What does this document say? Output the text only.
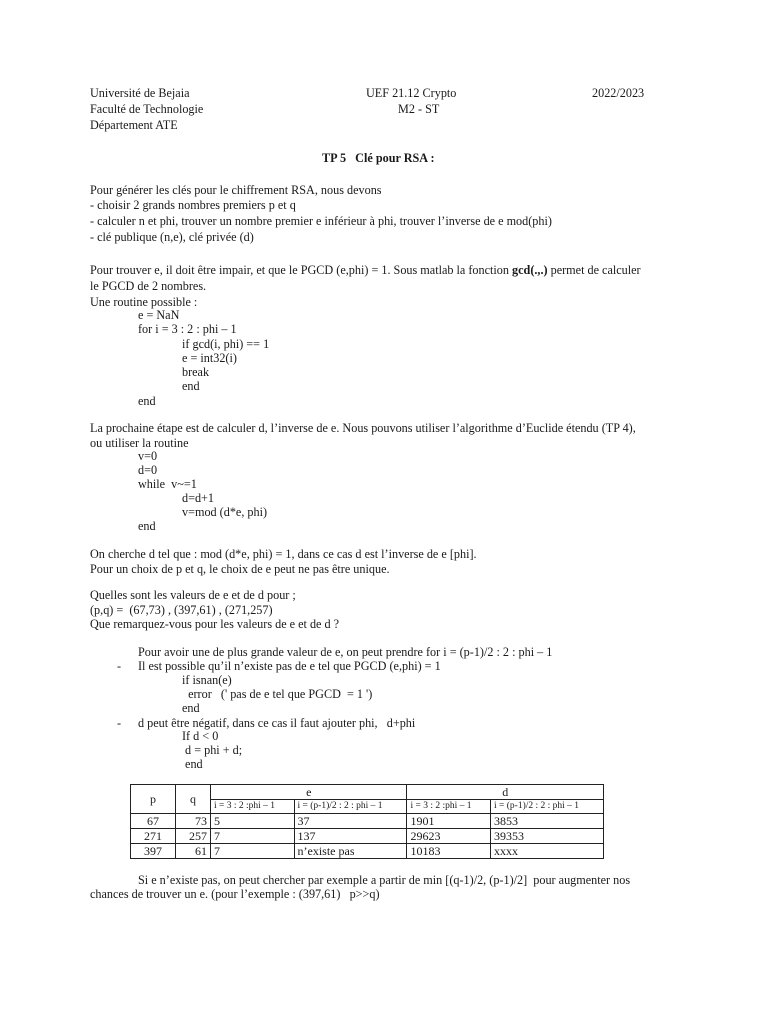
Université de Bejaia
Faculté de Technologie
Département ATE
UEF 21.12 Crypto
M2 - ST
2022/2023
TP 5   Clé pour RSA :
Pour générer les clés pour le chiffrement RSA, nous devons
- choisir 2 grands nombres premiers p et q
- calculer n et phi, trouver un nombre premier e inférieur à phi, trouver l’inverse de e mod(phi)
- clé publique (n,e), clé privée (d)
Pour trouver e, il doit être impair, et que le PGCD (e,phi) = 1. Sous matlab la fonction gcd(.,.) permet de calculer
le PGCD de 2 nombres.
Une routine possible :
e = NaN
for i = 3 : 2 : phi – 1
if gcd(i, phi) == 1
e = int32(i)
break
end
end
La prochaine étape est de calculer d, l’inverse de e. Nous pouvons utiliser l’algorithme d’Euclide étendu (TP 4),
ou utiliser la routine
v=0
d=0
while  v~=1
d=d+1
v=mod (d*e, phi)
end
On cherche d tel que : mod (d*e, phi) = 1, dans ce cas d est l’inverse de e [phi].
Pour un choix de p et q, le choix de e peut ne pas être unique.
Quelles sont les valeurs de e et de d pour ;
(p,q) =  (67,73) , (397,61) , (271,257)
Que remarquez-vous pour les valeurs de e et de d ?
Pour avoir une de plus grande valeur de e, on peut prendre for i = (p-1)/2 : 2 : phi – 1
- Il est possible qu’il n’existe pas de e tel que PGCD (e,phi) = 1
if isnan(e)
error   (' pas de e tel que PGCD  = 1 ')
end
- d peut être négatif, dans ce cas il faut ajouter phi,   d+phi
If d < 0
d = phi + d;
end
p	q	e		d	
		i = 3 : 2 :phi – 1	i = (p-1)/2 : 2 : phi – 1	i = 3 : 2 :phi – 1	i = (p-1)/2 : 2 : phi – 1
67	73	5	37	1901	3853
271	257	7	137	29623	39353
397	61	7	n’existe pas	10183	xxxx
Si e n’existe pas, on peut chercher par exemple a partir de min [(q-1)/2, (p-1)/2]  pour augmenter nos
chances de trouver un e. (pour l’exemple : (397,61)   p>>q)
